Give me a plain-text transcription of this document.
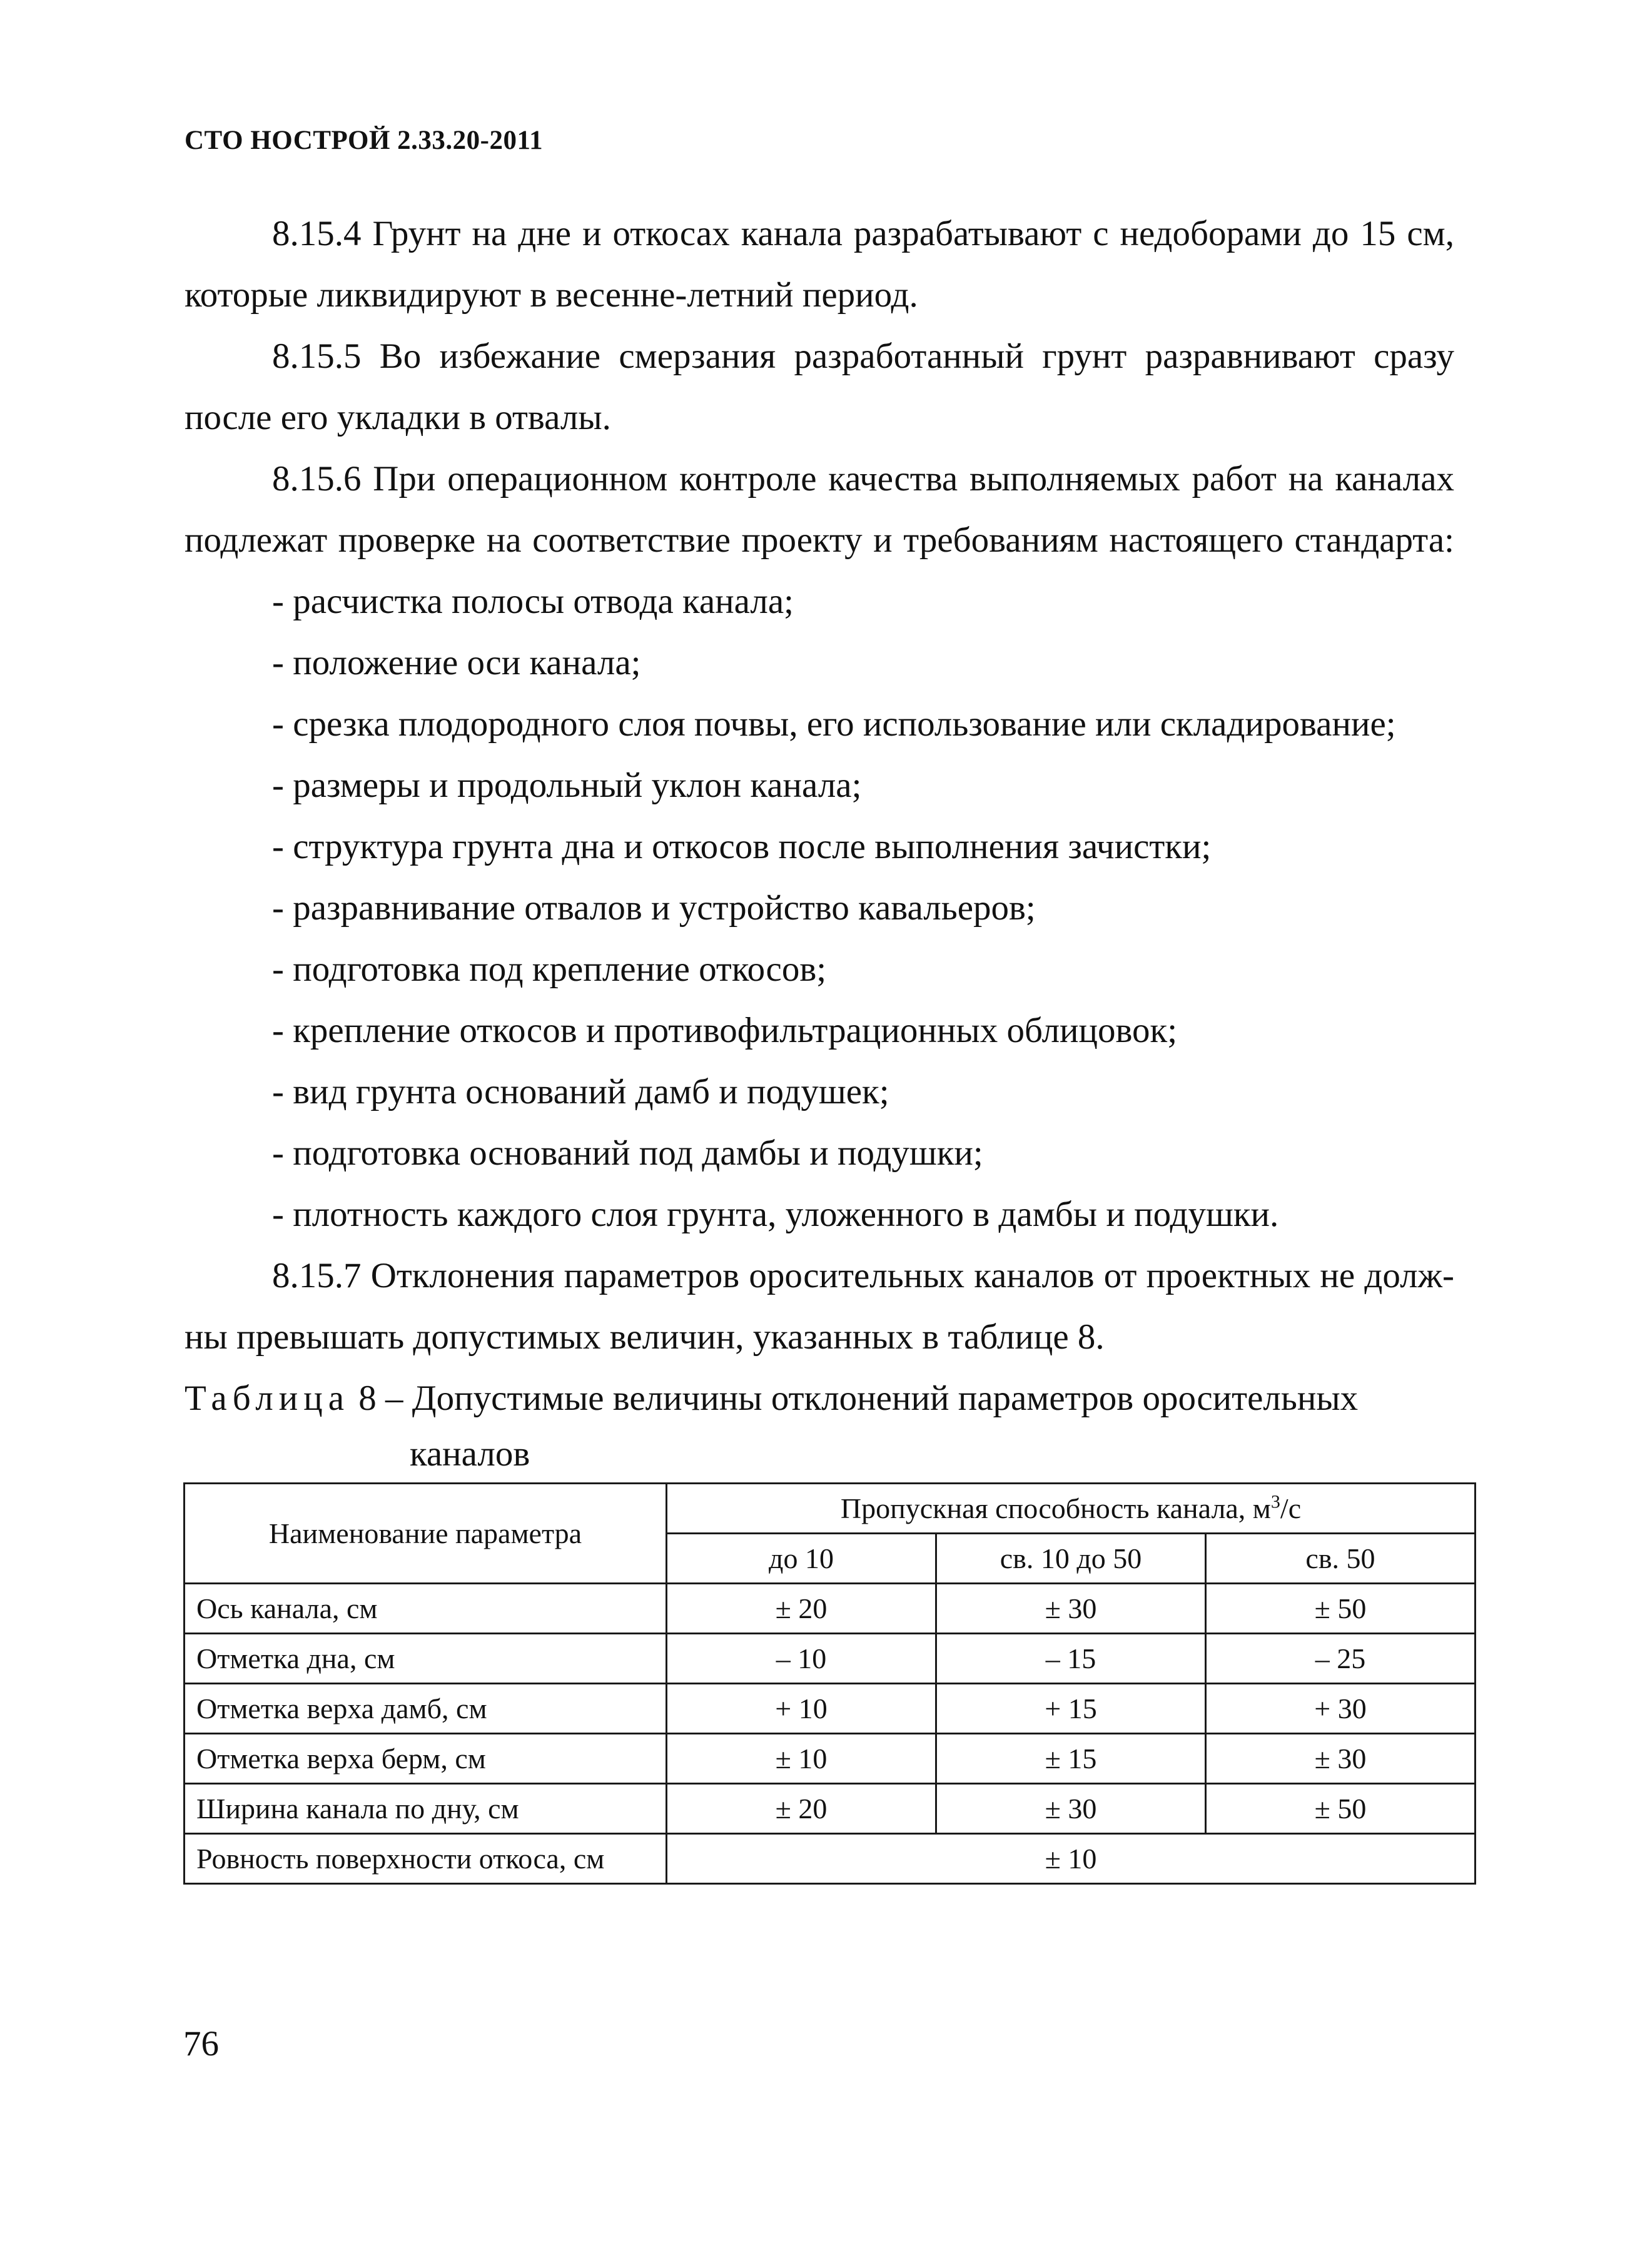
СТО НОСТРОЙ 2.33.20-2011
8.15.4 Грунт на дне и откосах канала разрабатывают с недоборами до 15 см,
которые ликвидируют в весенне-летний период.
8.15.5 Во избежание смерзания разработанный грунт разравнивают сразу
после его укладки в отвалы.
8.15.6 При операционном контроле качества выполняемых работ на каналах
подлежат проверке на соответствие проекту и требованиям настоящего стандарта:
- расчистка полосы отвода канала;
- положение оси канала;
- срезка плодородного слоя почвы, его использование или складирование;
- размеры и продольный уклон канала;
- структура грунта дна и откосов после выполнения зачистки;
- разравнивание отвалов и устройство кавальеров;
- подготовка под крепление откосов;
- крепление откосов и противофильтрационных облицовок;
- вид грунта оснований дамб и подушек;
- подготовка оснований под дамбы и подушки;
- плотность каждого слоя грунта, уложенного в дамбы и подушки.
8.15.7 Отклонения параметров оросительных каналов от проектных не долж-
ны превышать допустимых величин, указанных в таблице 8.
Таблица 8 – Допустимые величины отклонений параметров оросительных
каналов
Наименование параметра	Пропускная способность канала, $м^3/с$		
	до 10	св. 10 до 50	св. 50
Ось канала, см	± 20	± 30	± 50
Отметка дна, см	– 10	– 15	– 25
Отметка верха дамб, см	+ 10	+ 15	+ 30
Отметка верха берм, см	± 10	± 15	± 30
Ширина канала по дну, см	± 20	± 30	± 50
Ровность поверхности откоса, см	± 10		
76
